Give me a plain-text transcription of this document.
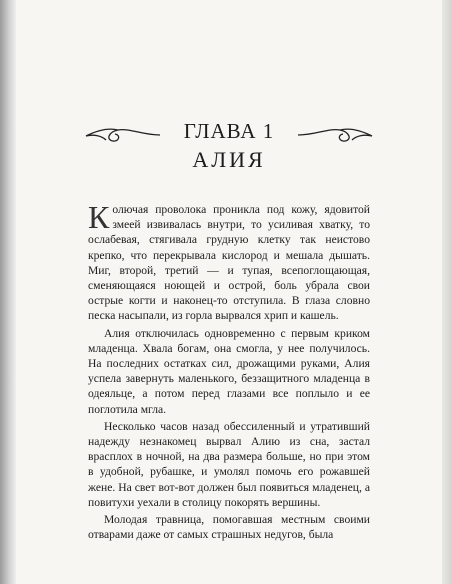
ГЛАВА 1
АЛИЯ

Колючая проволока проникла под кожу, ядовитой змеей извивалась внутри, то усиливая хватку, то ослабевая, стягивала грудную клетку так неистово крепко, что перекрывала кислород и мешала дышать. Миг, второй, третий — и тупая, всепоглощающая, сменяющаяся ноющей и острой, боль убрала свои острые когти и наконец-то отступила. В глаза словно песка насыпали, из горла вырвался хрип и кашель.

Алия отключилась одновременно с первым криком младенца. Хвала богам, она смогла, у нее получилось. На последних остатках сил, дрожащими руками, Алия успела завернуть маленького, беззащитного младенца в одеяльце, а потом перед глазами все поплыло и ее поглотила мгла.

Несколько часов назад обессиленный и утративший надежду незнакомец вырвал Алию из сна, застал врасплох в ночной, на два размера больше, но при этом в удобной, рубашке, и умолял помочь его рожавшей жене. На свет вот-вот должен был появиться младенец, а повитухи уехали в столицу покорять вершины.

Молодая травница, помогавшая местным своими отварами даже от самых страшных недугов, была
